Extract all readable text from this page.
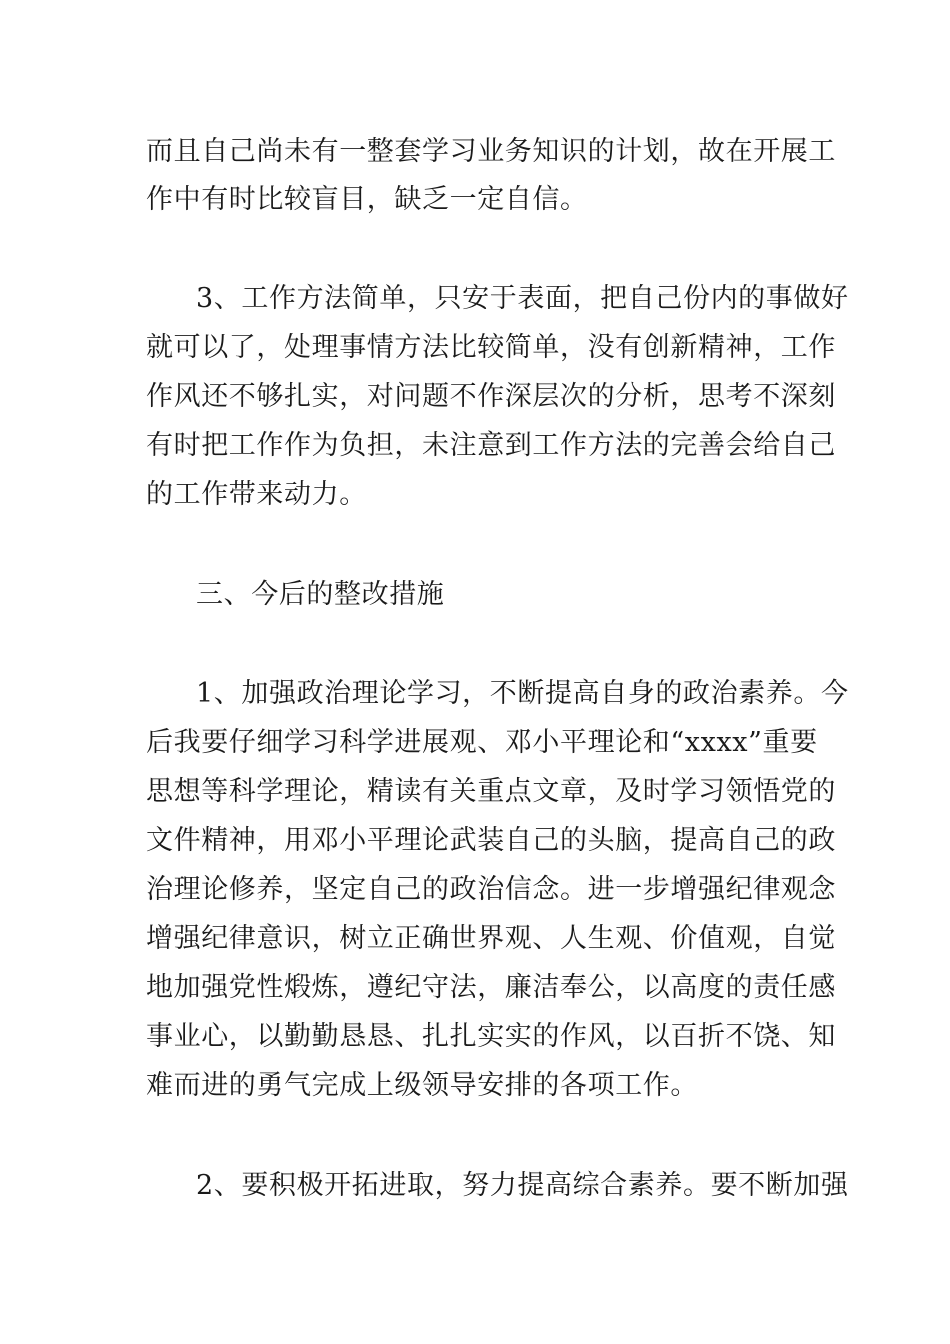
而且自己尚未有一整套学习业务知识的计划，故在开展工
作中有时比较盲目，缺乏一定自信。
3、工作方法简单，只安于表面，把自己份内的事做好
就可以了，处理事情方法比较简单，没有创新精神，工作
作风还不够扎实，对问题不作深层次的分析，思考不深刻
有时把工作作为负担，未注意到工作方法的完善会给自己
的工作带来动力。
三、今后的整改措施
1、加强政治理论学习，不断提高自身的政治素养。今
后我要仔细学习科学进展观、邓小平理论和“xxxx”重要
思想等科学理论，精读有关重点文章，及时学习领悟党的
文件精神，用邓小平理论武装自己的头脑，提高自己的政
治理论修养，坚定自己的政治信念。进一步增强纪律观念
增强纪律意识，树立正确世界观、人生观、价值观，自觉
地加强党性煅炼，遵纪守法，廉洁奉公，以高度的责任感
事业心，以勤勤恳恳、扎扎实实的作风，以百折不饶、知
难而进的勇气完成上级领导安排的各项工作。
2、要积极开拓进取，努力提高综合素养。要不断加强
